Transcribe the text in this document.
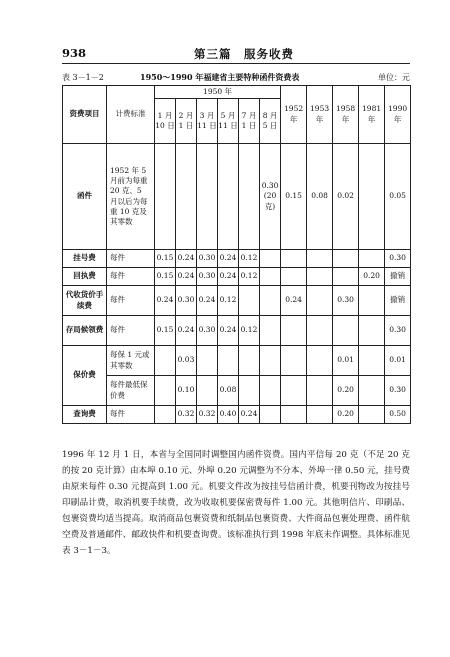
938	第三篇　服务收费
表 3－1－2	1950～1990 年福建省主要特种函件资费表	单位：元
资费项目	计费标准	1950 年						1952 年	1953 年	1958 年	1981 年	1990 年
		1 月 10 日	2 月 1 日	3 月 11 日	5 月 11 日	7 月 1 日	8 月 5 日					
函件	1952 年 5 月前为每重 20 克、5 月以后为每重 10 克及其零数						0.30 (20克)	0.15	0.08	0.02		0.05
挂号费	每件	0.15	0.24	0.30	0.24	0.12						0.30
回执费	每件	0.15	0.24	0.30	0.24	0.12					0.20	撤销
代收货价手续费	每件	0.24	0.30	0.24	0.12			0.24		0.30		撤销
存局候领费	每件	0.15	0.24	0.30	0.24	0.12						0.30
保价费	每保 1 元或其零数		0.03							0.01		0.01
	每件最低保价费		0.10		0.08					0.20		0.30
查询费	每件		0.32	0.32	0.40	0.24				0.20		0.50

1996 年 12 月 1 日，本省与全国同时调整国内函件资费。国内平信每 20 克（不足 20 克的按 20 克计算）由本埠 0.10 元、外埠 0.20 元调整为不分本、外埠一律 0.50 元，挂号费由原来每件 0.30 元提高到 1.00 元。机要文件改为按挂号信函计费，机要刊物改为按挂号印刷品计费，取消机要手续费，改为收取机要保密费每件 1.00 元。其他明信片、印刷品、包裹资费均适当提高。取消商品包裹资费和纸制品包裹资费、大件商品包裹处理费、函件航空费及普通邮件、邮政快件和机要查询费。该标准执行到 1998 年底未作调整。具体标准见表 3－1－3。
